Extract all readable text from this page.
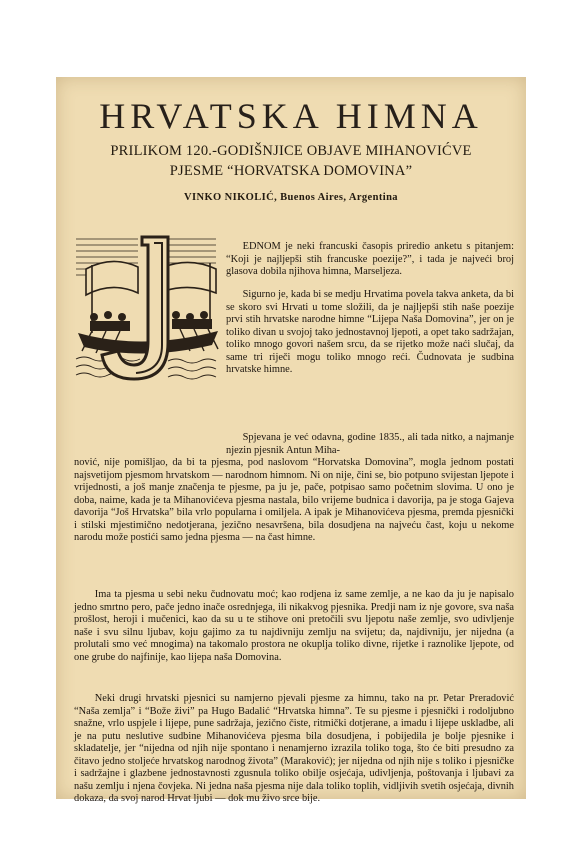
HRVATSKA HIMNA
PRILIKOM 120.-GODIŠNJICE OBJAVE MIHANOVIĆVE
PJESME “HORVATSKA DOMOVINA”
VINKO NIKOLIĆ, Buenos Aires, Argentina

EDNOM je neki francuski časopis priredio anketu s pitanjem: “Koji je najljepši stih francuske poezije?”, i tada je najveći broj glasova dobila njihova himna, Marseljeza.

Sigurno je, kada bi se medju Hrvatima povela takva anketa, da bi se skoro svi Hrvati u tome složili, da je najljepši stih naše poezije prvi stih hrvatske narodne himne “Lijepa Naša Domovina”, jer on je toliko divan u svojoj tako jednostavnoj ljepoti, a opet tako sadržajan, toliko mnogo govori našem srcu, da se rijetko može naći slučaj, da same tri riječi mogu toliko mnogo reći. Čudnovata je sudbina hrvatske himne.

Spjevana je već odavna, godine 1835., ali tada nitko, a najmanje njezin pjesnik Antun Miha-

nović, nije pomišljao, da bi ta pjesma, pod naslovom “Horvatska Domovina”, mogla jednom postati najsvetijom pjesmom hrvatskom — narodnom himnom. Ni on nije, čini se, bio potpuno svijestan ljepote i vrijednosti, a još manje značenja te pjesme, pa ju je, pače, potpisao samo početnim slovima. U ono je doba, naime, kada je ta Mihanovićeva pjesma nastala, bilo vrijeme budnica i davorija, pa je stoga Gajeva davorija “Još Hrvatska” bila vrlo popularna i omiljela. A ipak je Mihanovićeva pjesma, premda pjesnički i stilski mjestimično nedotjerana, jezično nesavršena, bila dosudjena na najveću čast, koju u nekome narodu može postići samo jedna pjesma — na čast himne.

Ima ta pjesma u sebi neku čudnovatu moć; kao rodjena iz same zemlje, a ne kao da ju je napisalo jedno smrtno pero, pače jedno inače osrednjega, ili nikakvog pjesnika. Predji nam iz nje govore, sva naša prošlost, heroji i mučenici, kao da su u te stihove oni pretočili svu ljepotu naše zemlje, svo udivljenje naše i svu silnu ljubav, koju gajimo za tu najdivniju zemlju na svijetu; da, najdivniju, jer nijedna (a prolutali smo već mnogima) na takomalo prostora ne okuplja toliko divne, rijetke i raznolike ljepote, od one grube do najfinije, kao lijepa naša Domovina.

Neki drugi hrvatski pjesnici su namjerno pjevali pjesme za himnu, tako na pr. Petar Preradović “Naša zemlja” i “Bože živi” pa Hugo Badalić “Hrvatska himna”. Te su pjesme i pjesnički i rodoljubno snažne, vrlo uspjele i lijepe, pune sadržaja, jezično čiste, ritmički dotjerane, a imadu i lijepe uskladbe, ali je na putu neslutive sudbine Mihanovićeva pjesma bila dosudjena, i pobijedila je bolje pjesnike i skladatelje, jer “nijedna od njih nije spontano i nenamjerno izrazila toliko toga, što će biti presudno za čitavo jedno stoljeće hrvatskog narodnog života” (Maraković); jer nijedna od njih nije s toliko i pjesničke i sadržajne i glazbene jednostavnosti zgusnula toliko obilje osjećaja, udivljenja, poštovanja i ljubavi za našu zemlju i njena čovjeka. Ni jedna naša pjesma nije dala toliko toplih, vidljivih svetih osjećaja, divnih dokaza, da svoj narod Hrvat ljubi — dok mu živo srce bije.
